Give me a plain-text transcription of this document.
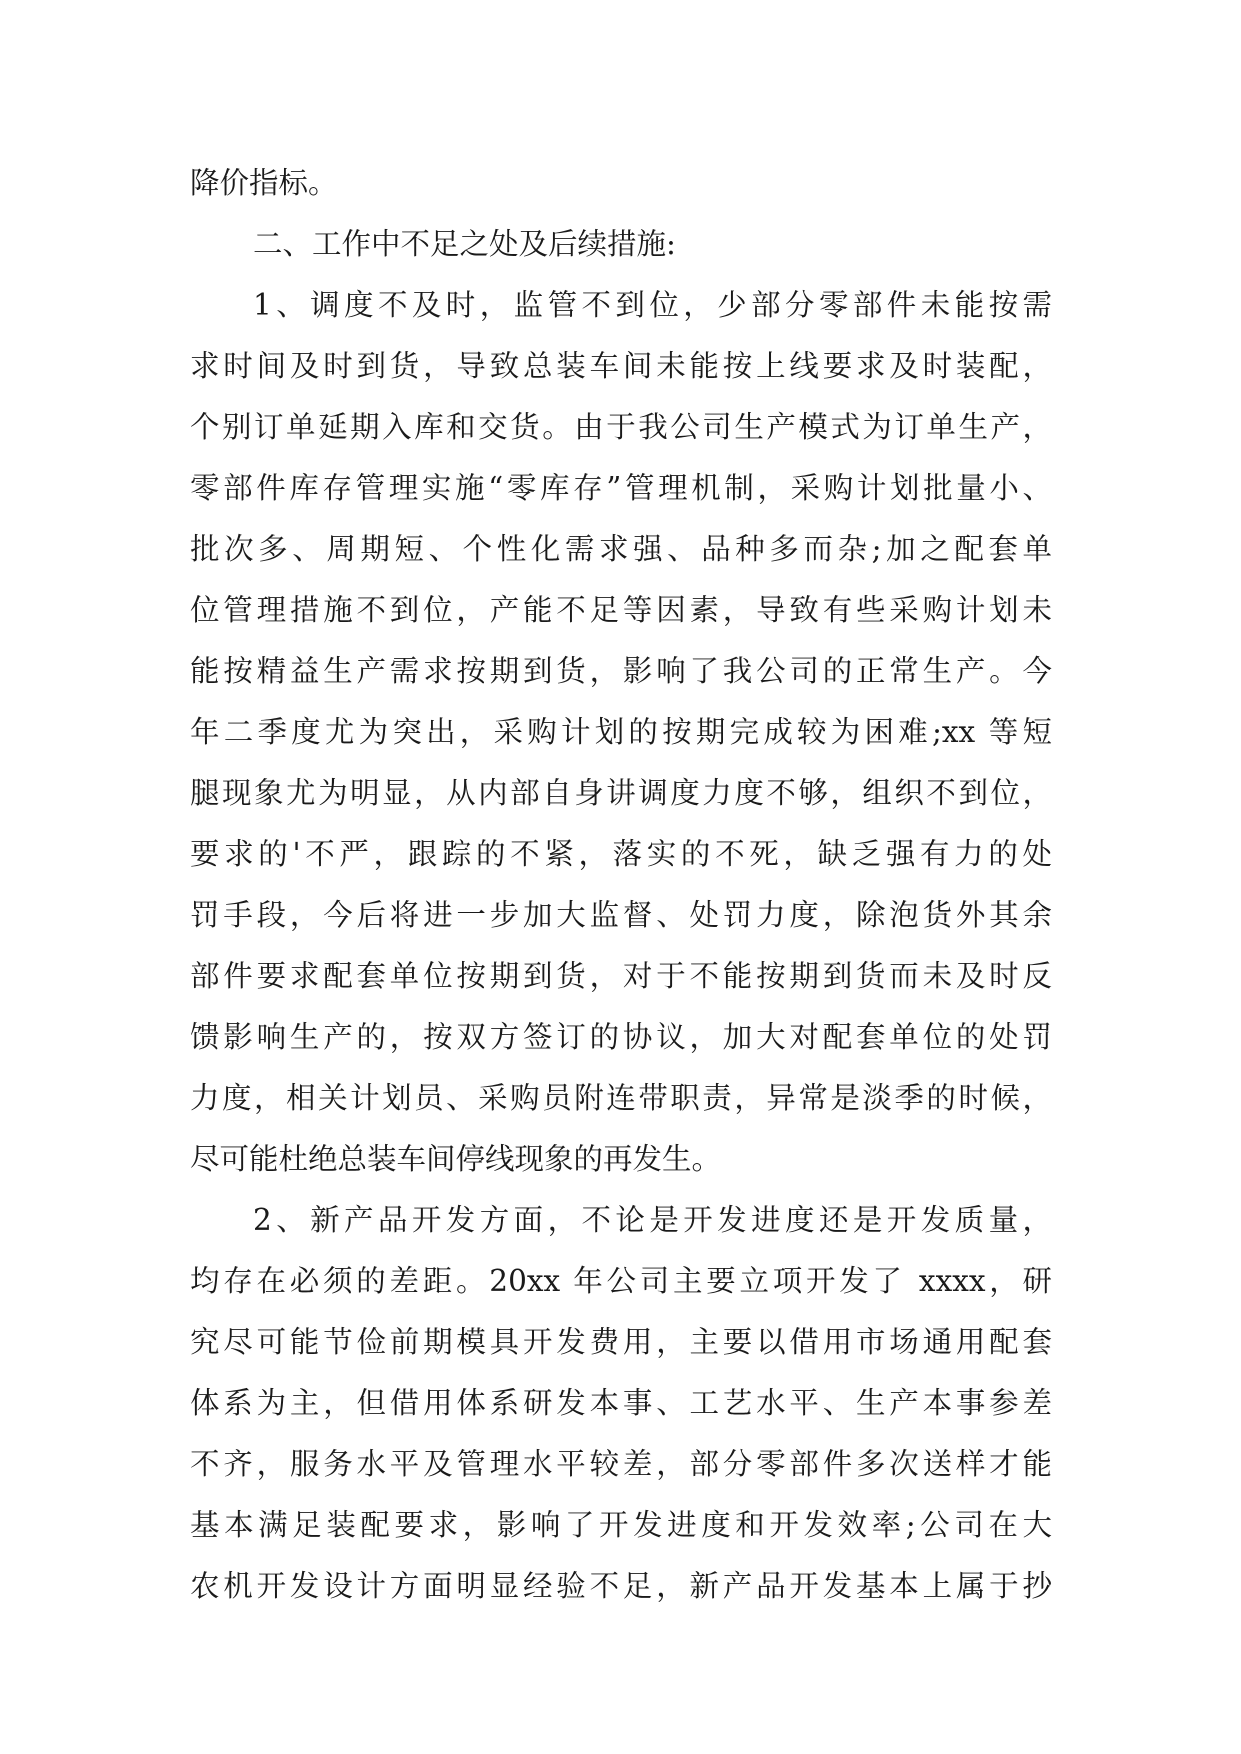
降价指标。
二、工作中不足之处及后续措施:
1、调度不及时，监管不到位，少部分零部件未能按需
求时间及时到货，导致总装车间未能按上线要求及时装配，
个别订单延期入库和交货。由于我公司生产模式为订单生产，
零部件库存管理实施“零库存”管理机制，采购计划批量小、
批次多、周期短、个性化需求强、品种多而杂;加之配套单
位管理措施不到位，产能不足等因素，导致有些采购计划未
能按精益生产需求按期到货，影响了我公司的正常生产。今
年二季度尤为突出，采购计划的按期完成较为困难;xx 等短
腿现象尤为明显，从内部自身讲调度力度不够，组织不到位，
要求的'不严，跟踪的不紧，落实的不死，缺乏强有力的处
罚手段，今后将进一步加大监督、处罚力度，除泡货外其余
部件要求配套单位按期到货，对于不能按期到货而未及时反
馈影响生产的，按双方签订的协议，加大对配套单位的处罚
力度，相关计划员、采购员附连带职责，异常是淡季的时候，
尽可能杜绝总装车间停线现象的再发生。
2、新产品开发方面，不论是开发进度还是开发质量，
均存在必须的差距。20xx 年公司主要立项开发了 xxxx，研
究尽可能节俭前期模具开发费用，主要以借用市场通用配套
体系为主，但借用体系研发本事、工艺水平、生产本事参差
不齐，服务水平及管理水平较差，部分零部件多次送样才能
基本满足装配要求，影响了开发进度和开发效率;公司在大
农机开发设计方面明显经验不足，新产品开发基本上属于抄
